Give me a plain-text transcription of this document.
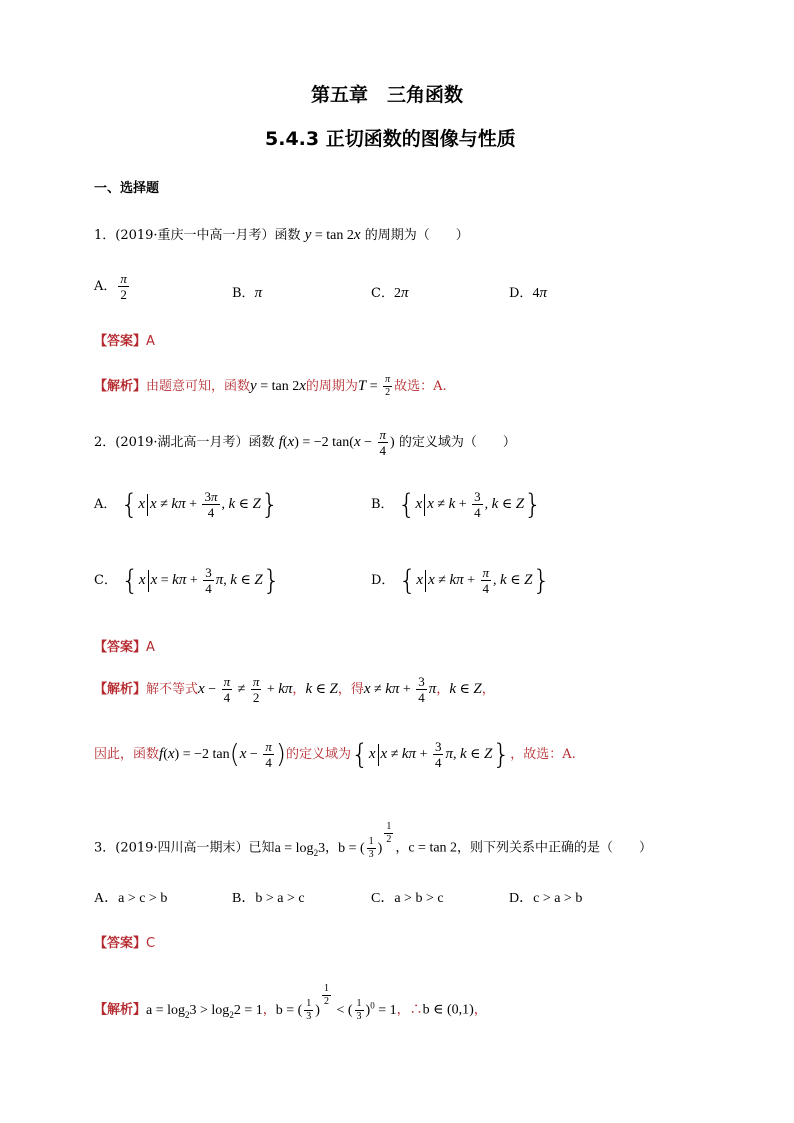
第五章　三角函数
5.4.3 正切函数的图像与性质
一、选择题
1．(2019·重庆一中高一月考）函数 y = tan 2x 的周期为（　　）
A． $\frac{\pi}{2}$	B．π	C．2π	D．4π
【答案】A
【解析】由题意可知，函数y = tan 2x的周期为$T = \frac{\pi}{2}$ 故选：A.
2．(2019·湖北高一月考）函数 f(x) = −2 $\tan(x - \frac{\pi}{4}$ ) 的定义域为（　　）
A． {x $x \ne k\pi + \frac{3\pi}{4}$ , k ∈ Z}	B． {x $x \ne k + \frac{3}{4}$ , k ∈ Z}
C． {x $x = k\pi + \frac{3}{4} \pi$, k ∈ Z}	D． {x $x \ne k\pi + \frac{\pi}{4}$ , k ∈ Z}
【答案】A
【解析】解不等式$x - \frac{\pi}{4} \ne \frac{\pi}{2} + k\pi$，k ∈ Z，得$x \ne k\pi + \frac{3}{4}$ π，k ∈ Z，
因此，函数f(x) = −2 $\tan(x - \frac{\pi}{4}$ )的定义域为{x $x \ne k\pi + \frac{3}{4} \pi$, k ∈ Z}，故选：A.
3．(2019·四川高一期末）已知$a = \log_23$，b = ( $\frac{1}{3}$ )
$^{\frac{1}{2}}$
，c = tan 2，则下列关系中正确的是（　　）
A．a > c > b	B．b > a > c	C．a > b > c	D．c > a > b
【答案】C
【解析】$a = \log_23 > \log_22 = 1$，b = ( $\frac{1}{3}$ )
$^{\frac{1}{2}}$
< ( $\frac{1}{3} )^0 = 1$，∴b ∈ (0,1)，
